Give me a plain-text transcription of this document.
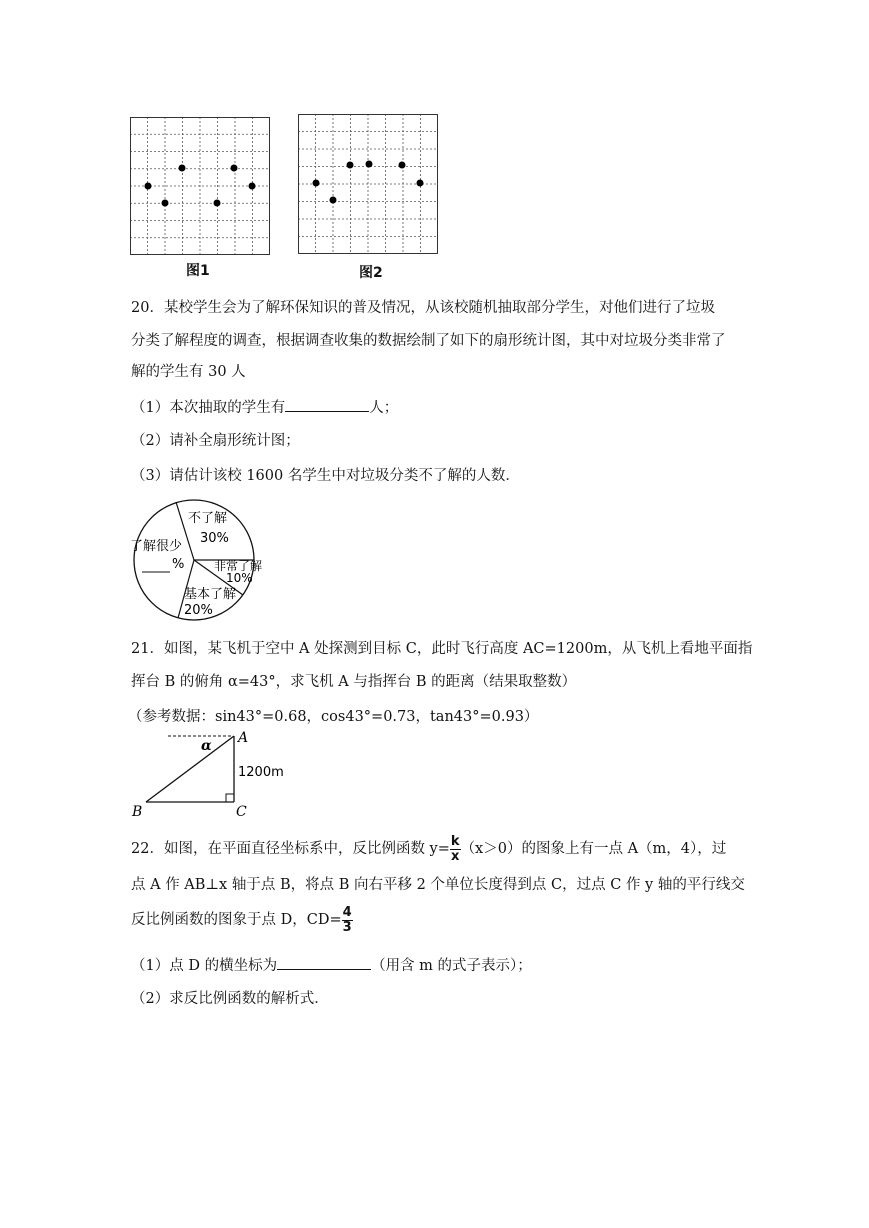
图1	图2
20．某校学生会为了解环保知识的普及情况，从该校随机抽取部分学生，对他们进行了垃圾
分类了解程度的调查，根据调查收集的数据绘制了如下的扇形统计图，其中对垃圾分类非常了
解的学生有 30 人
（1）本次抽取的学生有	人；
（2）请补全扇形统计图；
（3）请估计该校 1600 名学生中对垃圾分类不了解的人数．
不了解
30%
了解很少
% 非常了解
10%
基本了解
20%
21．如图，某飞机于空中 A 处探测到目标 C，此时飞行高度 AC=1200m，从飞机上看地平面指
挥台 B 的俯角 α=43°，求飞机 A 与指挥台 B 的距离（结果取整数）
（参考数据：sin43°=0.68，cos43°=0.73，tan43°=0.93）
α A
1200m
B	C
22．如图，在平面直径坐标系中，反比例函数 $y= \frac{k}{x} (x>0)$的图象上有一点 A（m，4），过
点 A 作 AB⊥x 轴于点 B，将点 B 向右平移 2 个单位长度得到点 C，过点 C 作 y 轴的平行线交
反比例函数的图象于点 D，$CD= \frac{4}{3}$
（1）点 D 的横坐标为	（用含 m 的式子表示）；
（2）求反比例函数的解析式．
